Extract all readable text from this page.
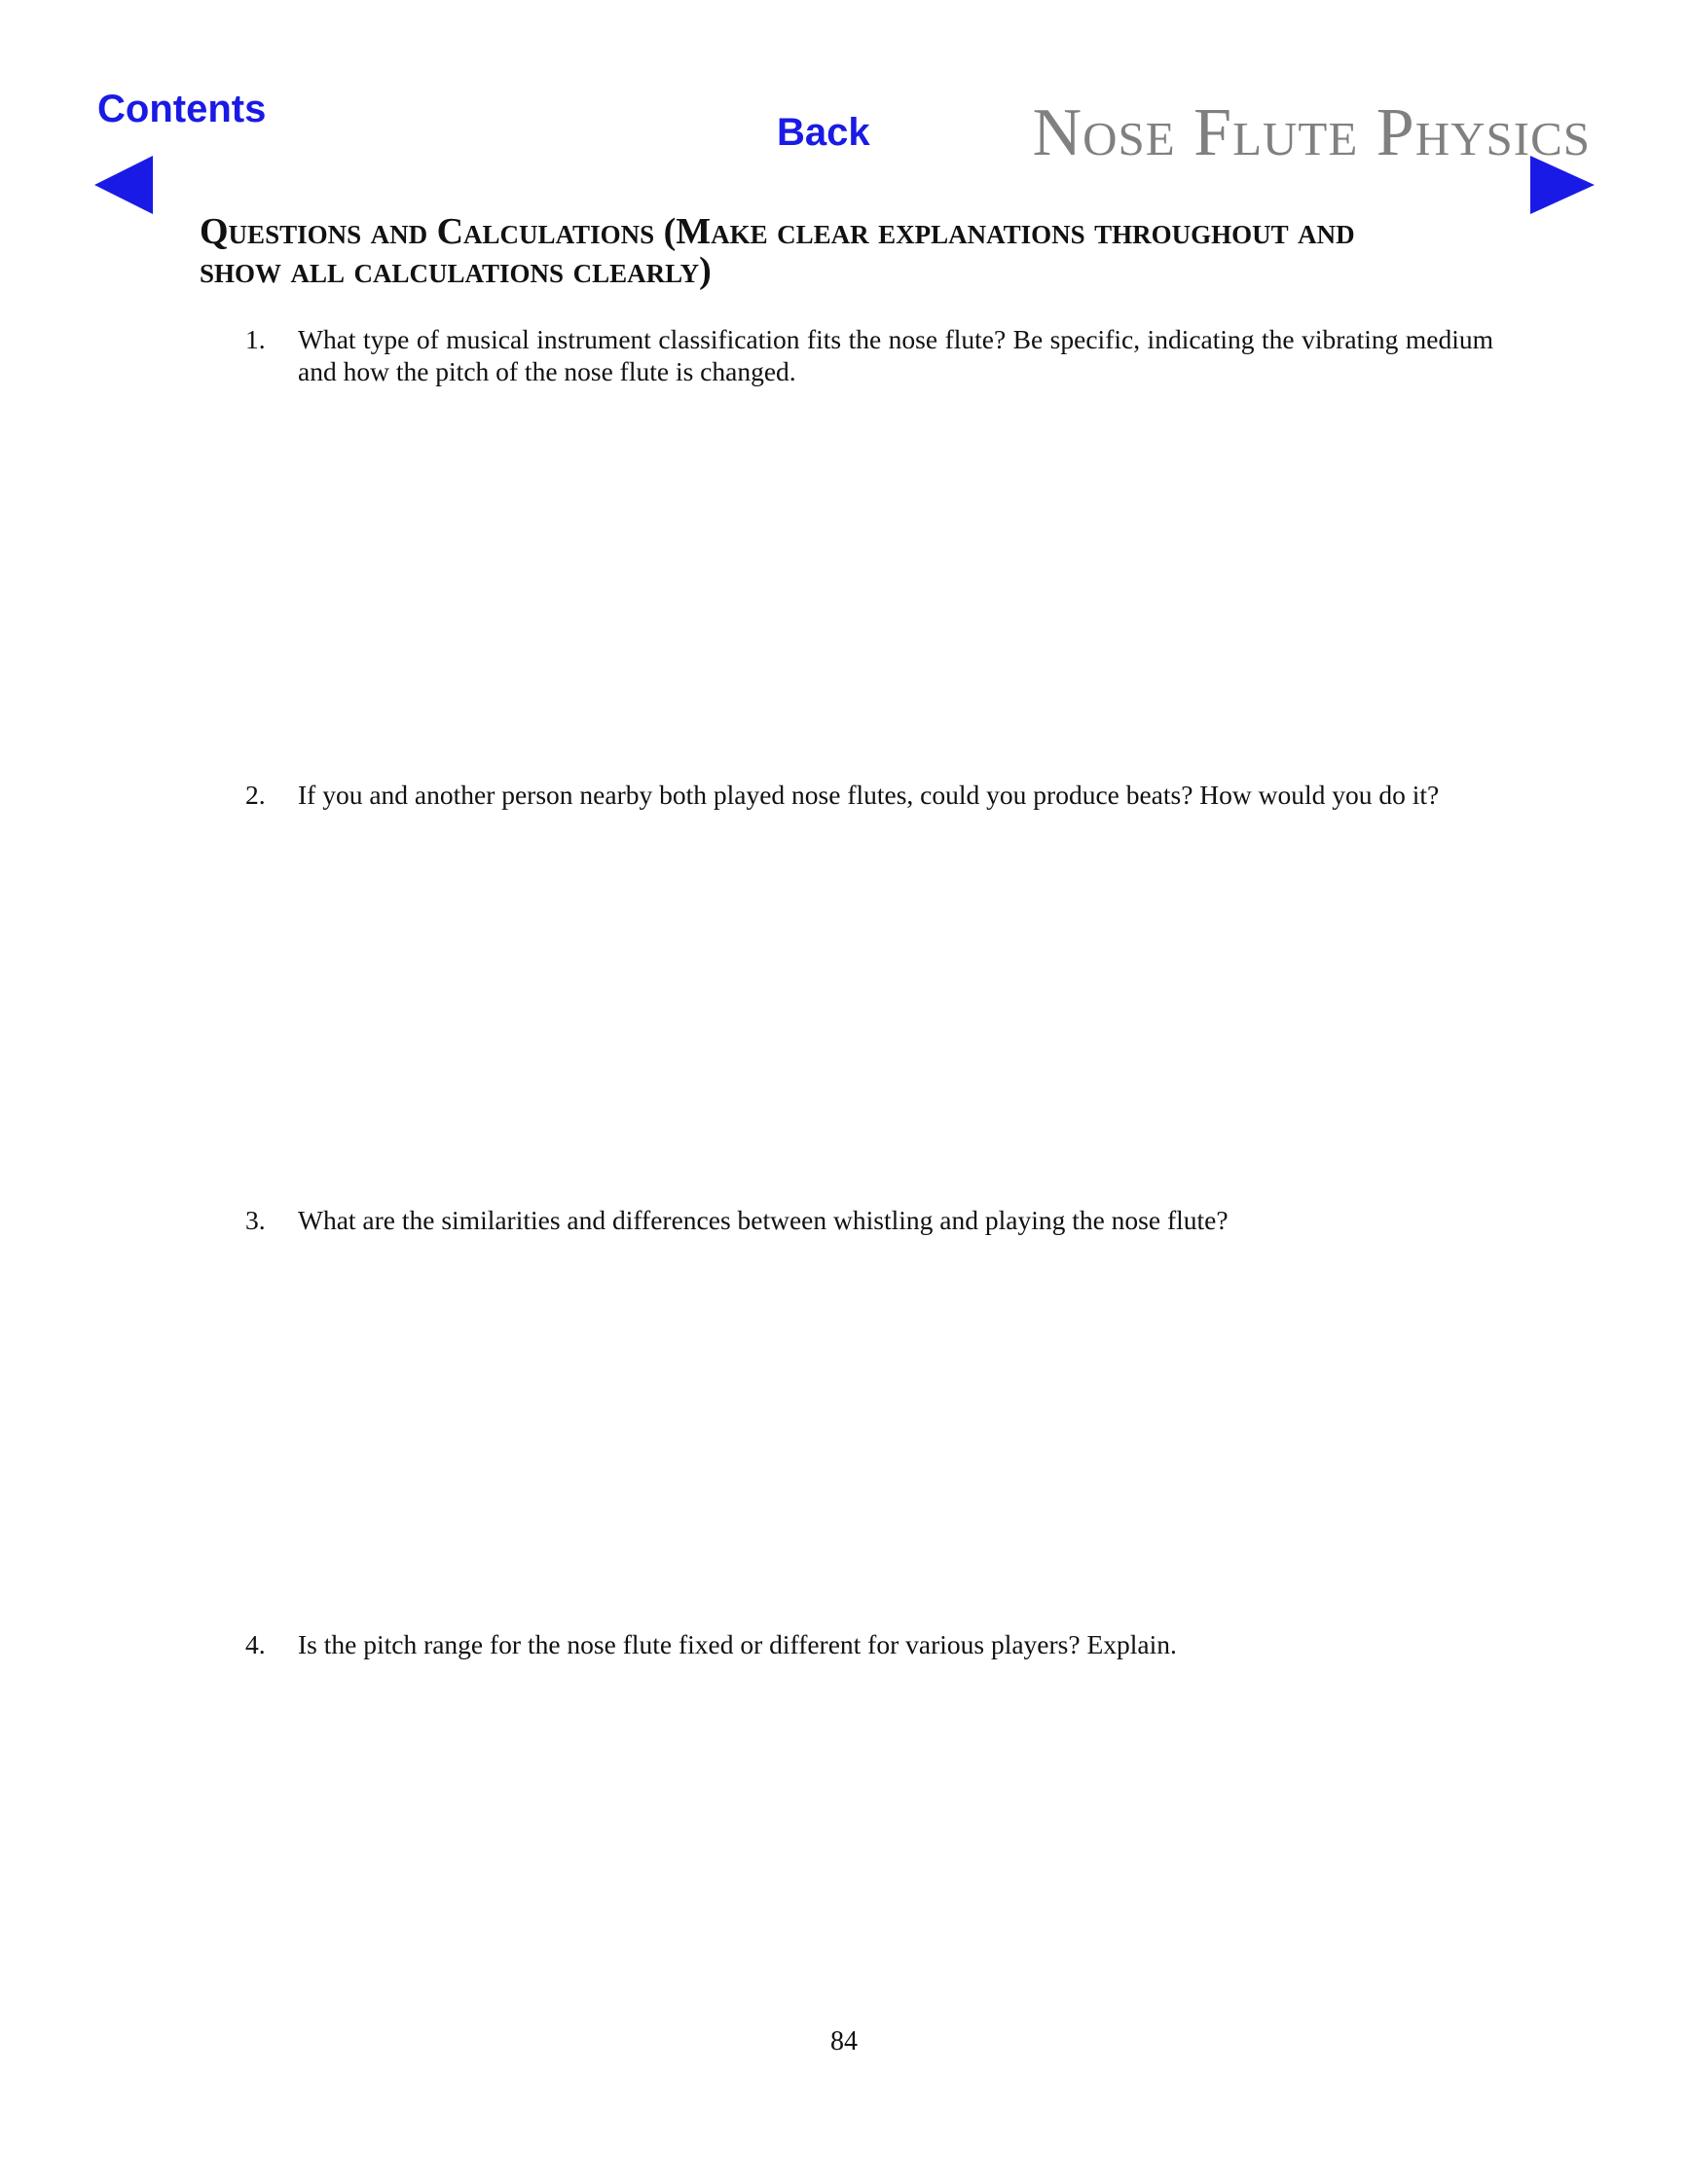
Contents
Back Nose Flute Physics
Questions and Calculations (Make clear explanations throughout and show all calculations clearly)
1.	What type of musical instrument classification fits the nose flute? Be specific, indicating the vibrating medium and how the pitch of the nose flute is changed.
2.	If you and another person nearby both played nose flutes, could you produce beats? How would you do it?
3.	What are the similarities and differences between whistling and playing the nose flute?
4.	Is the pitch range for the nose flute fixed or different for various players? Explain.
84
